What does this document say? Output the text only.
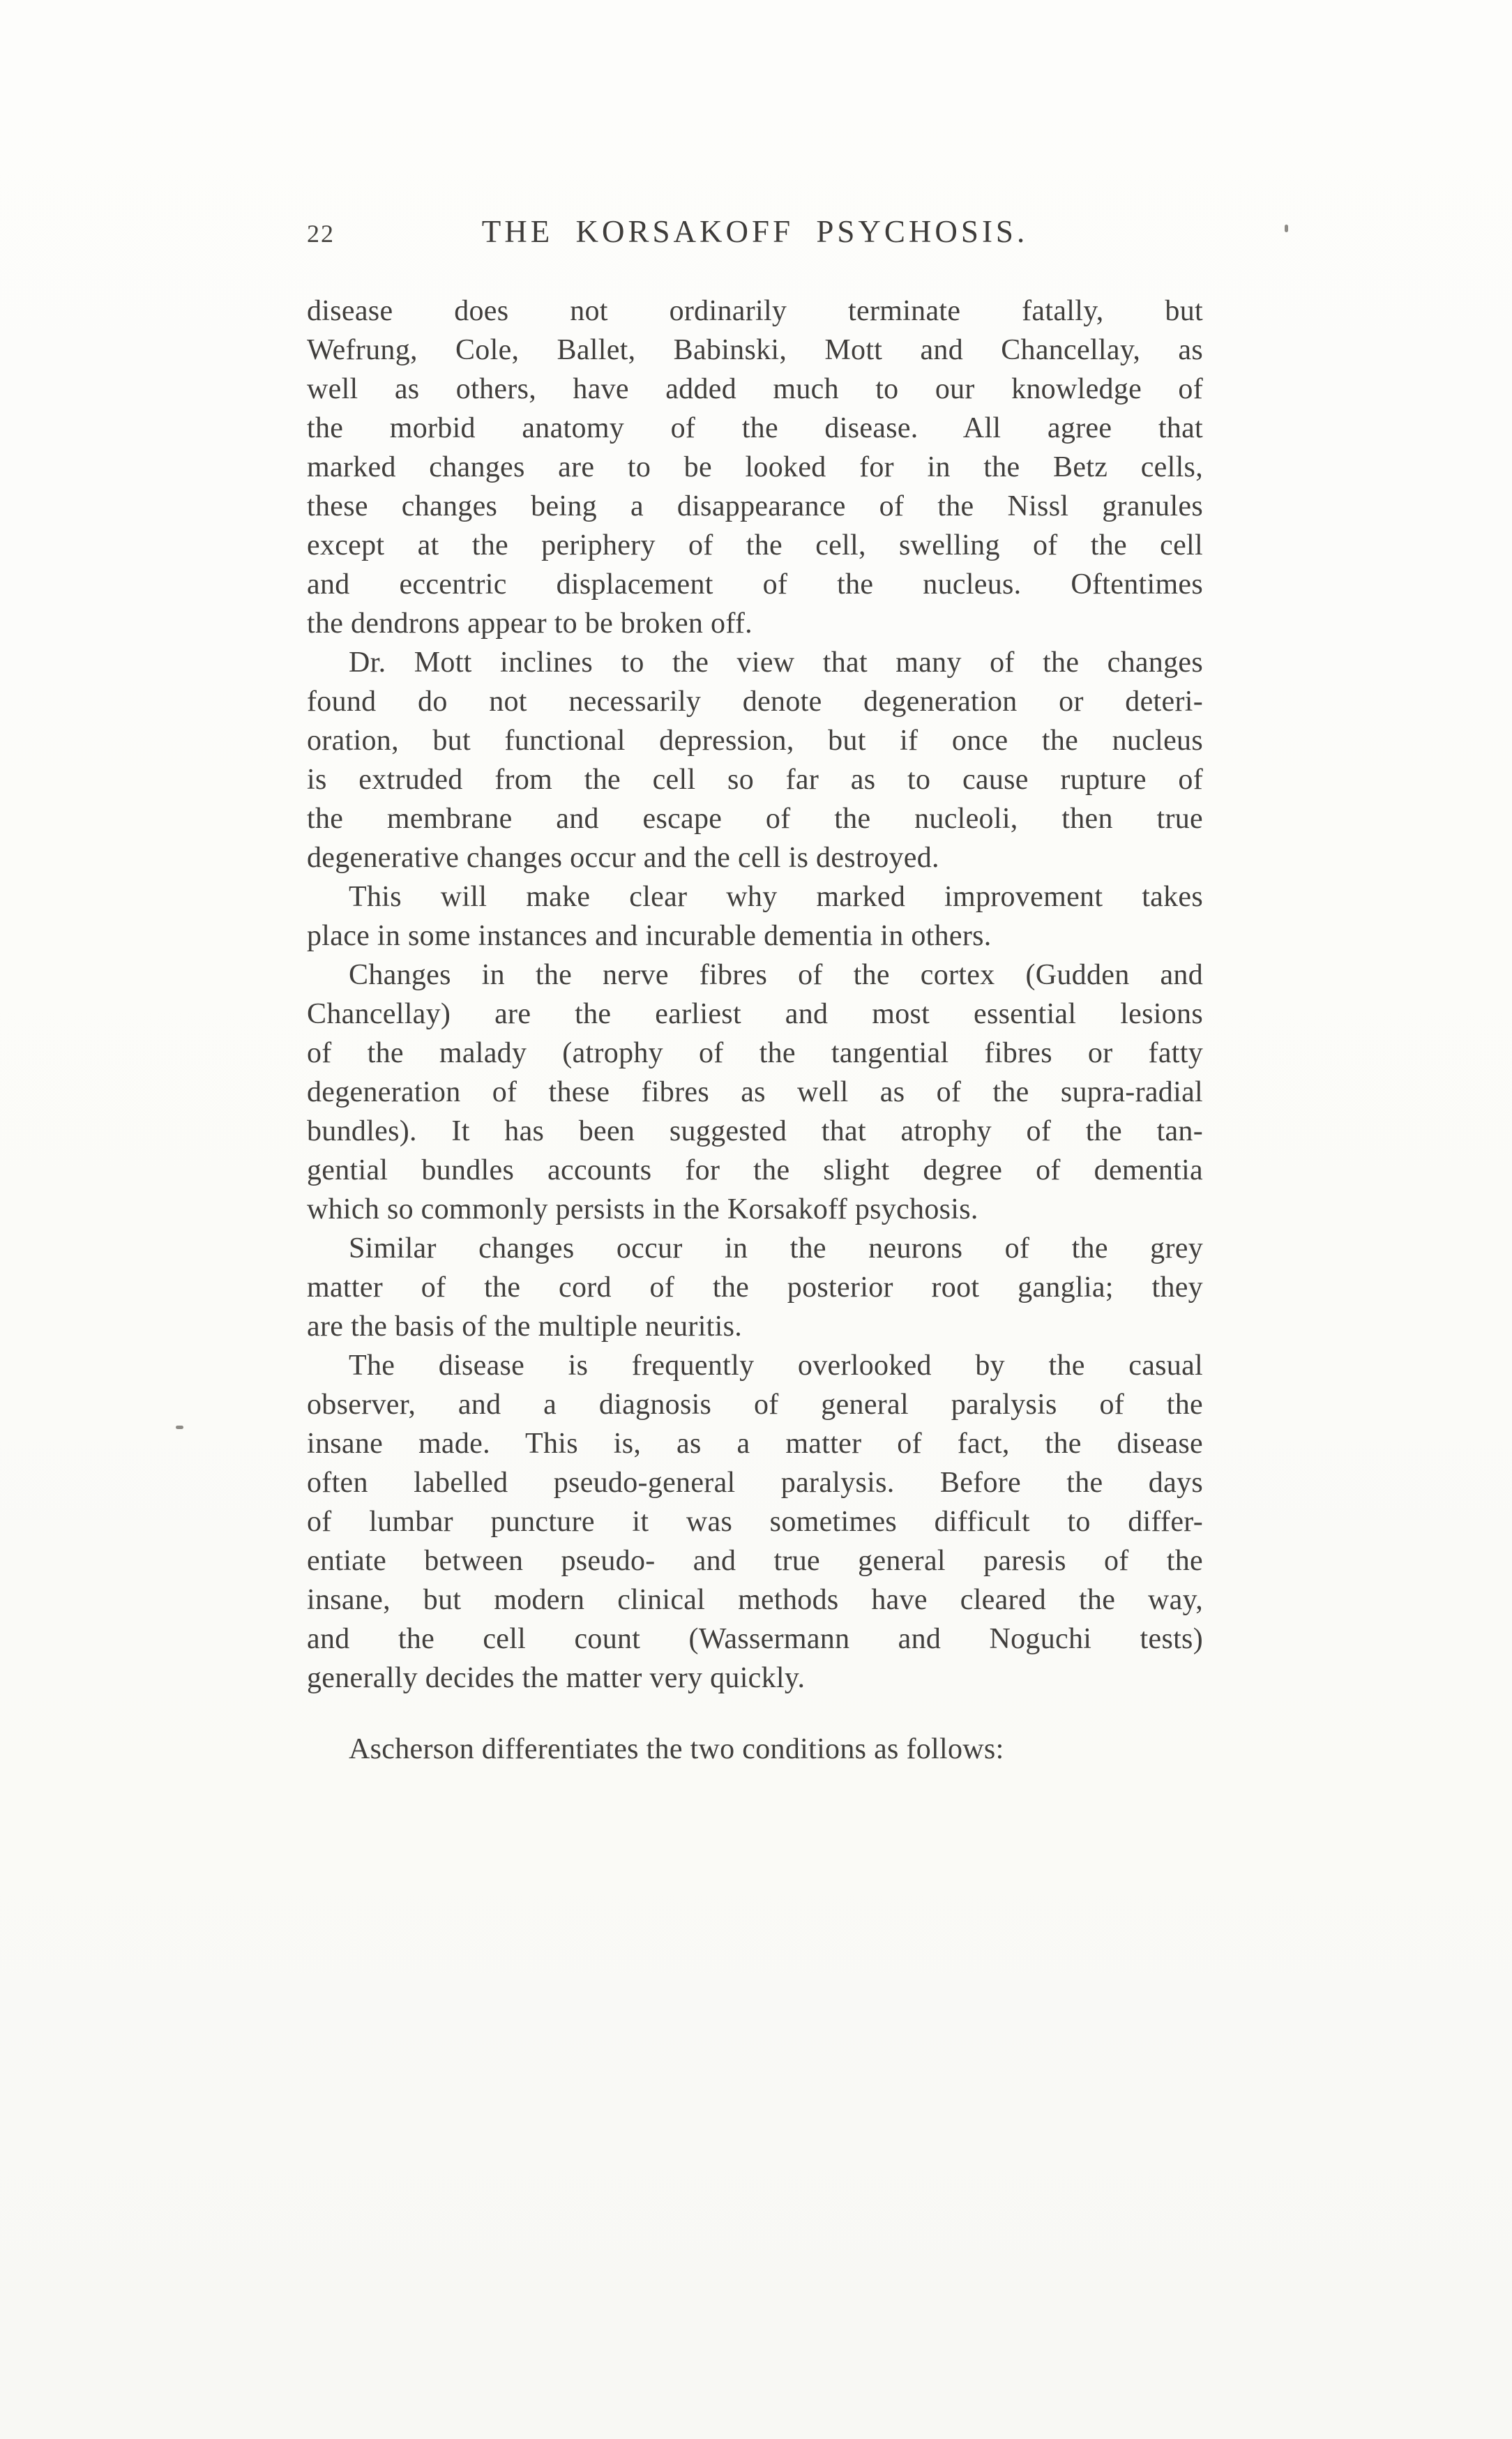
22	THE KORSAKOFF PSYCHOSIS.
disease does not ordinarily terminate fatally, but
Wefrung, Cole, Ballet, Babinski, Mott and Chancellay, as
well as others, have added much to our knowledge of
the morbid anatomy of the disease. All agree that
marked changes are to be looked for in the Betz cells,
these changes being a disappearance of the Nissl granules
except at the periphery of the cell, swelling of the cell
and eccentric displacement of the nucleus. Oftentimes
the dendrons appear to be broken off.
Dr. Mott inclines to the view that many of the changes
found do not necessarily denote degeneration or deteri-
oration, but functional depression, but if once the nucleus
is extruded from the cell so far as to cause rupture of
the membrane and escape of the nucleoli, then true
degenerative changes occur and the cell is destroyed.
This will make clear why marked improvement takes
place in some instances and incurable dementia in others.
Changes in the nerve fibres of the cortex (Gudden and
Chancellay) are the earliest and most essential lesions
of the malady (atrophy of the tangential fibres or fatty
degeneration of these fibres as well as of the supra-radial
bundles). It has been suggested that atrophy of the tan-
gential bundles accounts for the slight degree of dementia
which so commonly persists in the Korsakoff psychosis.
Similar changes occur in the neurons of the grey
matter of the cord of the posterior root ganglia; they
are the basis of the multiple neuritis.
The disease is frequently overlooked by the casual
observer, and a diagnosis of general paralysis of the
insane made. This is, as a matter of fact, the disease
often labelled pseudo-general paralysis. Before the days
of lumbar puncture it was sometimes difficult to differ-
entiate between pseudo- and true general paresis of the
insane, but modern clinical methods have cleared the way,
and the cell count (Wassermann and Noguchi tests)
generally decides the matter very quickly.
Ascherson differentiates the two conditions as follows:
